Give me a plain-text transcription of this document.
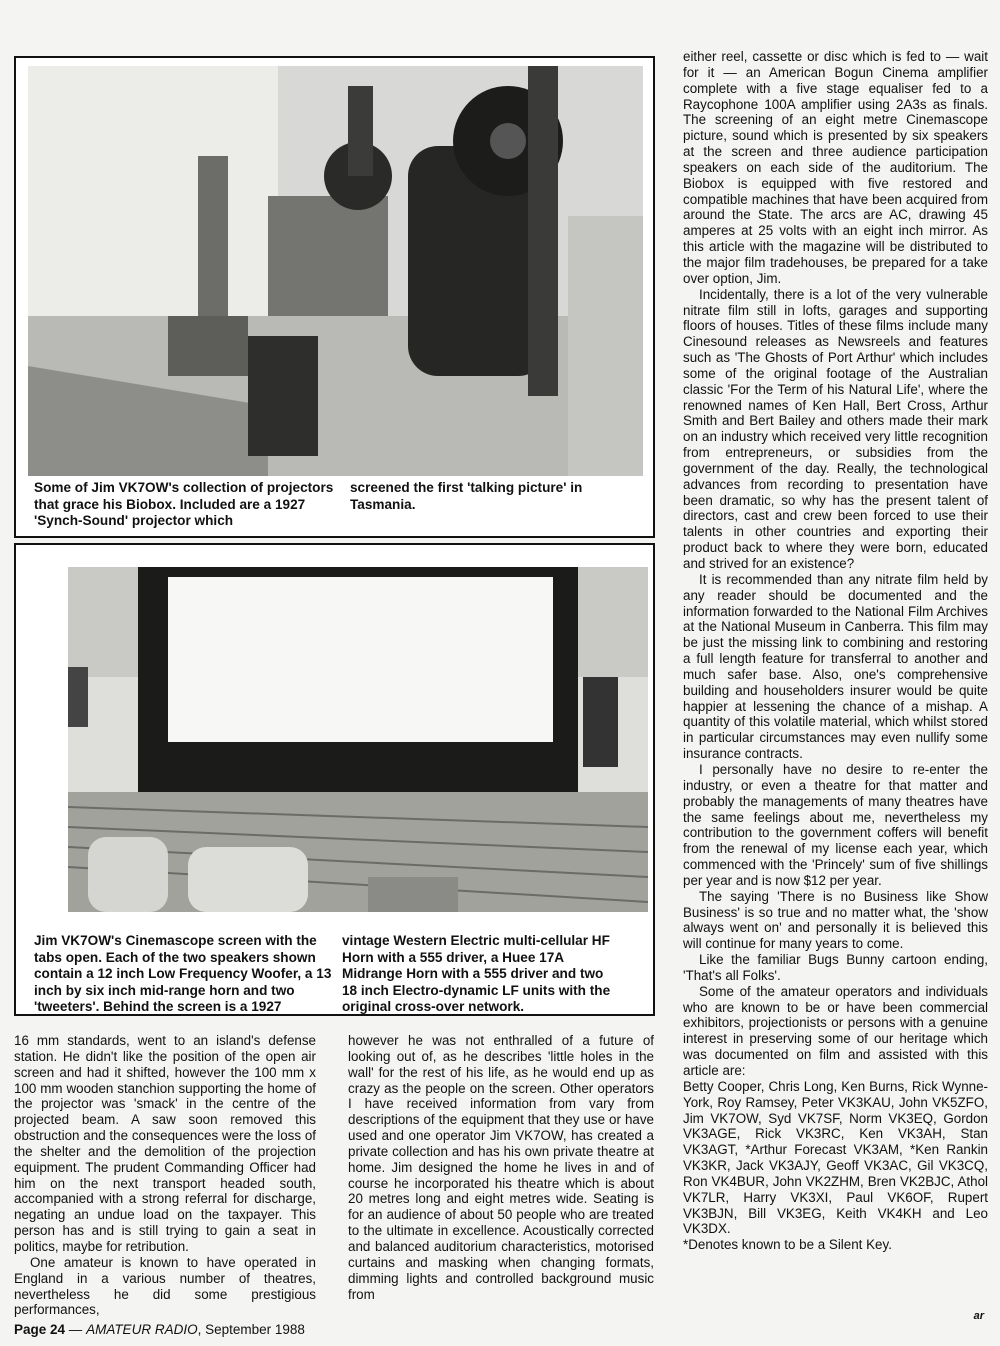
Some of Jim VK7OW's collection of projectors that grace his Biobox. Included are a 1927 'Synch-Sound' projector which
screened the first 'talking picture' in Tasmania.
Jim VK7OW's Cinemascope screen with the tabs open. Each of the two speakers shown contain a 12 inch Low Frequency Woofer, a 13 inch by six inch mid-range horn and two 'tweeters'. Behind the screen is a 1927
vintage Western Electric multi-cellular HF Horn with a 555 driver, a Huee 17A Midrange Horn with a 555 driver and two 18 inch Electro-dynamic LF units with the original cross-over network.

16 mm standards, went to an island's defense station. He didn't like the position of the open air screen and had it shifted, however the 100 mm x 100 mm wooden stanchion supporting the home of the projector was 'smack' in the centre of the projected beam. A saw soon removed this obstruction and the consequences were the loss of the shelter and the demolition of the projection equipment. The prudent Commanding Officer had him on the next transport headed south, accompanied with a strong referral for discharge, negating an undue load on the taxpayer. This person has and is still trying to gain a seat in politics, maybe for retribution.

One amateur is known to have operated in England in a various number of theatres, nevertheless he did some prestigious performances,

however he was not enthralled of a future of looking out of, as he describes 'little holes in the wall' for the rest of his life, as he would end up as crazy as the people on the screen. Other operators I have received information from vary from descriptions of the equipment that they use or have used and one operator Jim VK7OW, has created a private collection and has his own private theatre at home. Jim designed the home he lives in and of course he incorporated his theatre which is about 20 metres long and eight metres wide. Seating is for an audience of about 50 people who are treated to the ultimate in excellence. Acoustically corrected and balanced auditorium characteristics, motorised curtains and masking when changing formats, dimming lights and controlled background music from

either reel, cassette or disc which is fed to — wait for it — an American Bogun Cinema amplifier complete with a five stage equaliser fed to a Raycophone 100A amplifier using 2A3s as finals. The screening of an eight metre Cinemascope picture, sound which is presented by six speakers at the screen and three audience participation speakers on each side of the auditorium. The Biobox is equipped with five restored and compatible machines that have been acquired from around the State. The arcs are AC, drawing 45 amperes at 25 volts with an eight inch mirror. As this article with the magazine will be distributed to the major film tradehouses, be prepared for a take over option, Jim.

Incidentally, there is a lot of the very vulnerable nitrate film still in lofts, garages and supporting floors of houses. Titles of these films include many Cinesound releases as Newsreels and features such as 'The Ghosts of Port Arthur' which includes some of the original footage of the Australian classic 'For the Term of his Natural Life', where the renowned names of Ken Hall, Bert Cross, Arthur Smith and Bert Bailey and others made their mark on an industry which received very little recognition from entrepreneurs, or subsidies from the government of the day. Really, the technological advances from recording to presentation have been dramatic, so why has the present talent of directors, cast and crew been forced to use their talents in other countries and exporting their product back to where they were born, educated and strived for an existence?

It is recommended than any nitrate film held by any reader should be documented and the information forwarded to the National Film Archives at the National Museum in Canberra. This film may be just the missing link to combining and restoring a full length feature for transferral to another and much safer base. Also, one's comprehensive building and householders insurer would be quite happier at lessening the chance of a mishap. A quantity of this volatile material, which whilst stored in particular circumstances may even nullify some insurance contracts.

I personally have no desire to re-enter the industry, or even a theatre for that matter and probably the managements of many theatres have the same feelings about me, nevertheless my contribution to the government coffers will benefit from the renewal of my license each year, which commenced with the 'Princely' sum of five shillings per year and is now $12 per year.

The saying 'There is no Business like Show Business' is so true and no matter what, the 'show always went on' and personally it is believed this will continue for many years to come.

Like the familiar Bugs Bunny cartoon ending, 'That's all Folks'.

Some of the amateur operators and individuals who are known to be or have been commercial exhibitors, projectionists or persons with a genuine interest in preserving some of our heritage which was documented on film and assisted with this article are:

Betty Cooper, Chris Long, Ken Burns, Rick Wynne-York, Roy Ramsey, Peter VK3KAU, John VK5ZFO, Jim VK7OW, Syd VK7SF, Norm VK3EQ, Gordon VK3AGE, Rick VK3RC, Ken VK3AH, Stan VK3AGT, *Arthur Forecast VK3AM, *Ken Rankin VK3KR, Jack VK3AJY, Geoff VK3AC, Gil VK3CQ, Ron VK4BUR, John VK2ZHM, Bren VK2BJC, Athol VK7LR, Harry VK3XI, Paul VK6OF, Rupert VK3BJN, Bill VK3EG, Keith VK4KH and Leo VK3DX.

*Denotes known to be a Silent Key.

Page 24 — AMATEUR RADIO, September 1988
ar
